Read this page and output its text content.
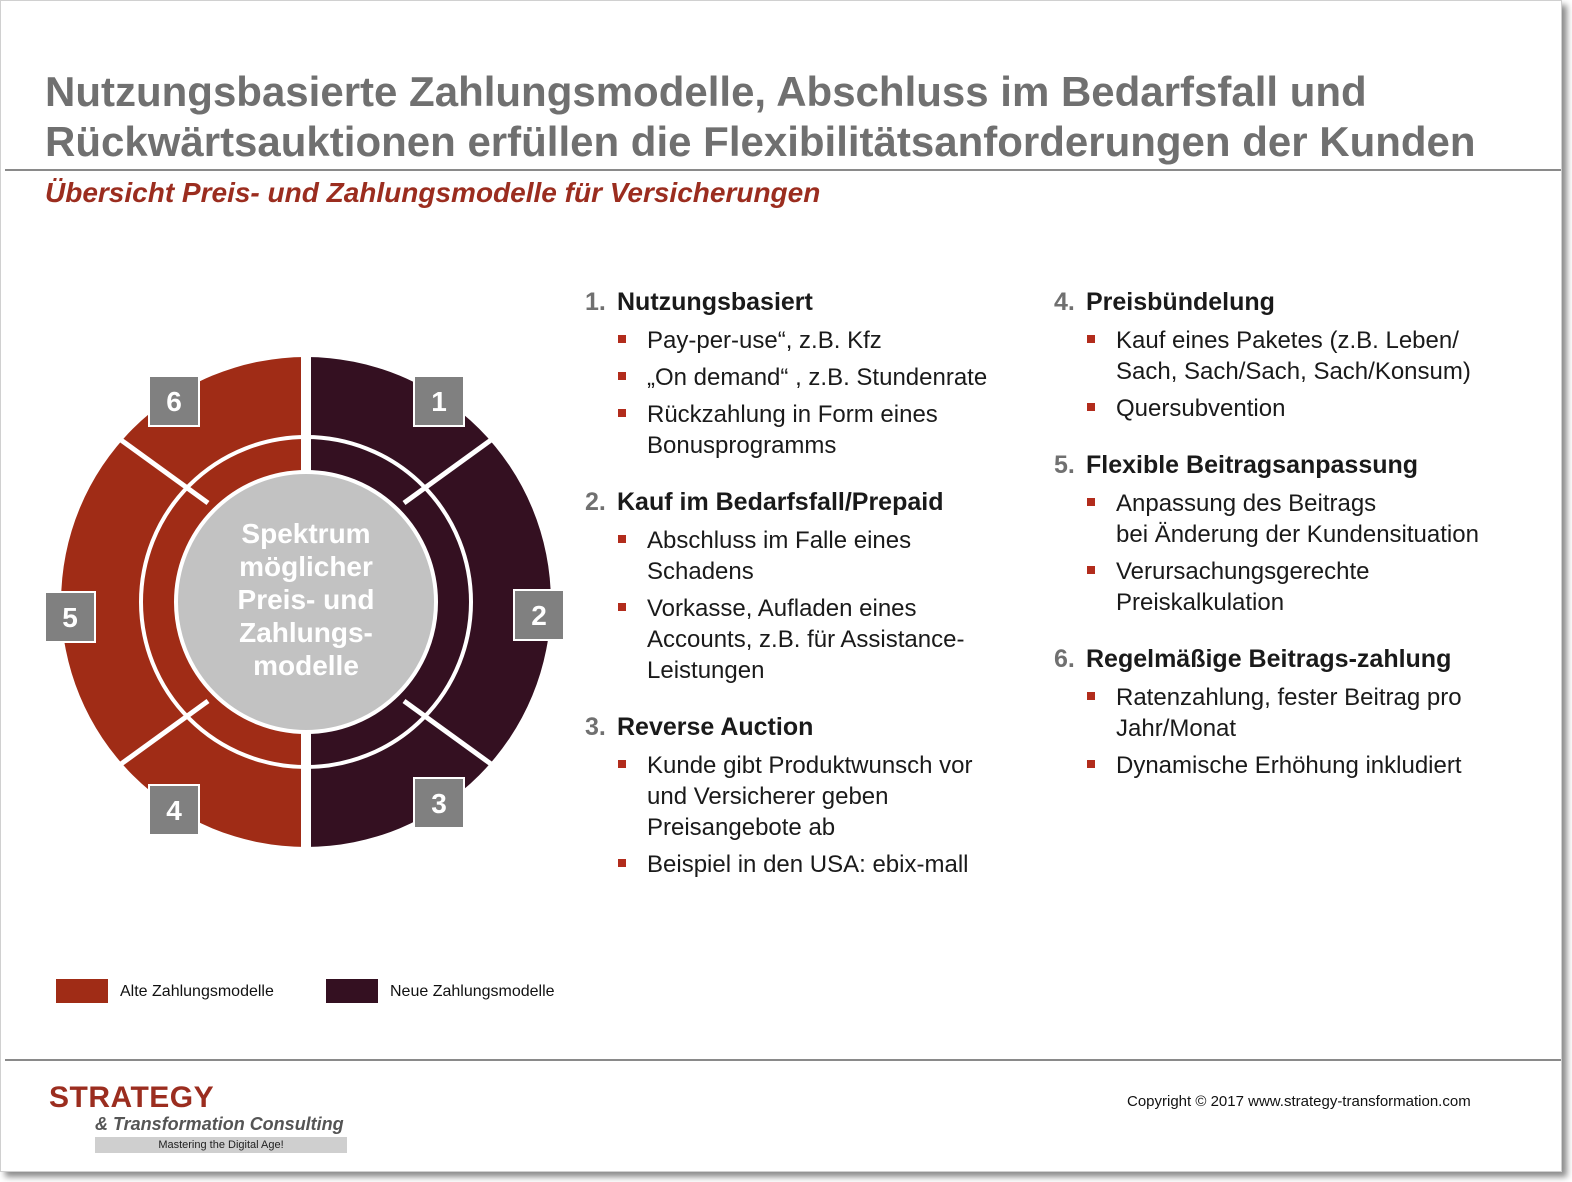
Nutzungsbasierte Zahlungsmodelle, Abschluss im Bedarfsfall und
Rückwärtsauktionen erfüllen die Flexibilitätsanforderungen der Kunden
Übersicht Preis- und Zahlungsmodelle für Versicherungen
1
2
3
4
5
6
Spektrum
möglicher
Preis- und
Zahlungs-
modelle
1. Nutzungsbasiert
Pay-per-use“, z.B. Kfz
„On demand“ , z.B. Stundenrate
Rückzahlung in Form eines
Bonusprogramms
2. Kauf im Bedarfsfall/Prepaid
Abschluss im Falle eines
Schadens
Vorkasse, Aufladen eines
Accounts, z.B. für Assistance-
Leistungen
3. Reverse Auction
Kunde gibt Produktwunsch vor
und Versicherer geben
Preisangebote ab
Beispiel in den USA: ebix-mall
4. Preisbündelung
Kauf eines Paketes (z.B. Leben/
Sach, Sach/Sach, Sach/Konsum)
Quersubvention
5. Flexible Beitragsanpassung
Anpassung des Beitrags
bei Änderung der Kundensituation
Verursachungsgerechte
Preiskalkulation
6. Regelmäßige Beitrags-zahlung
Ratenzahlung, fester Beitrag pro
Jahr/Monat
Dynamische Erhöhung inkludiert
Alte Zahlungsmodelle	Neue Zahlungsmodelle
STRATEGY
& Transformation Consulting
Mastering the Digital Age!
Copyright © 2017 www.strategy-transformation.com
